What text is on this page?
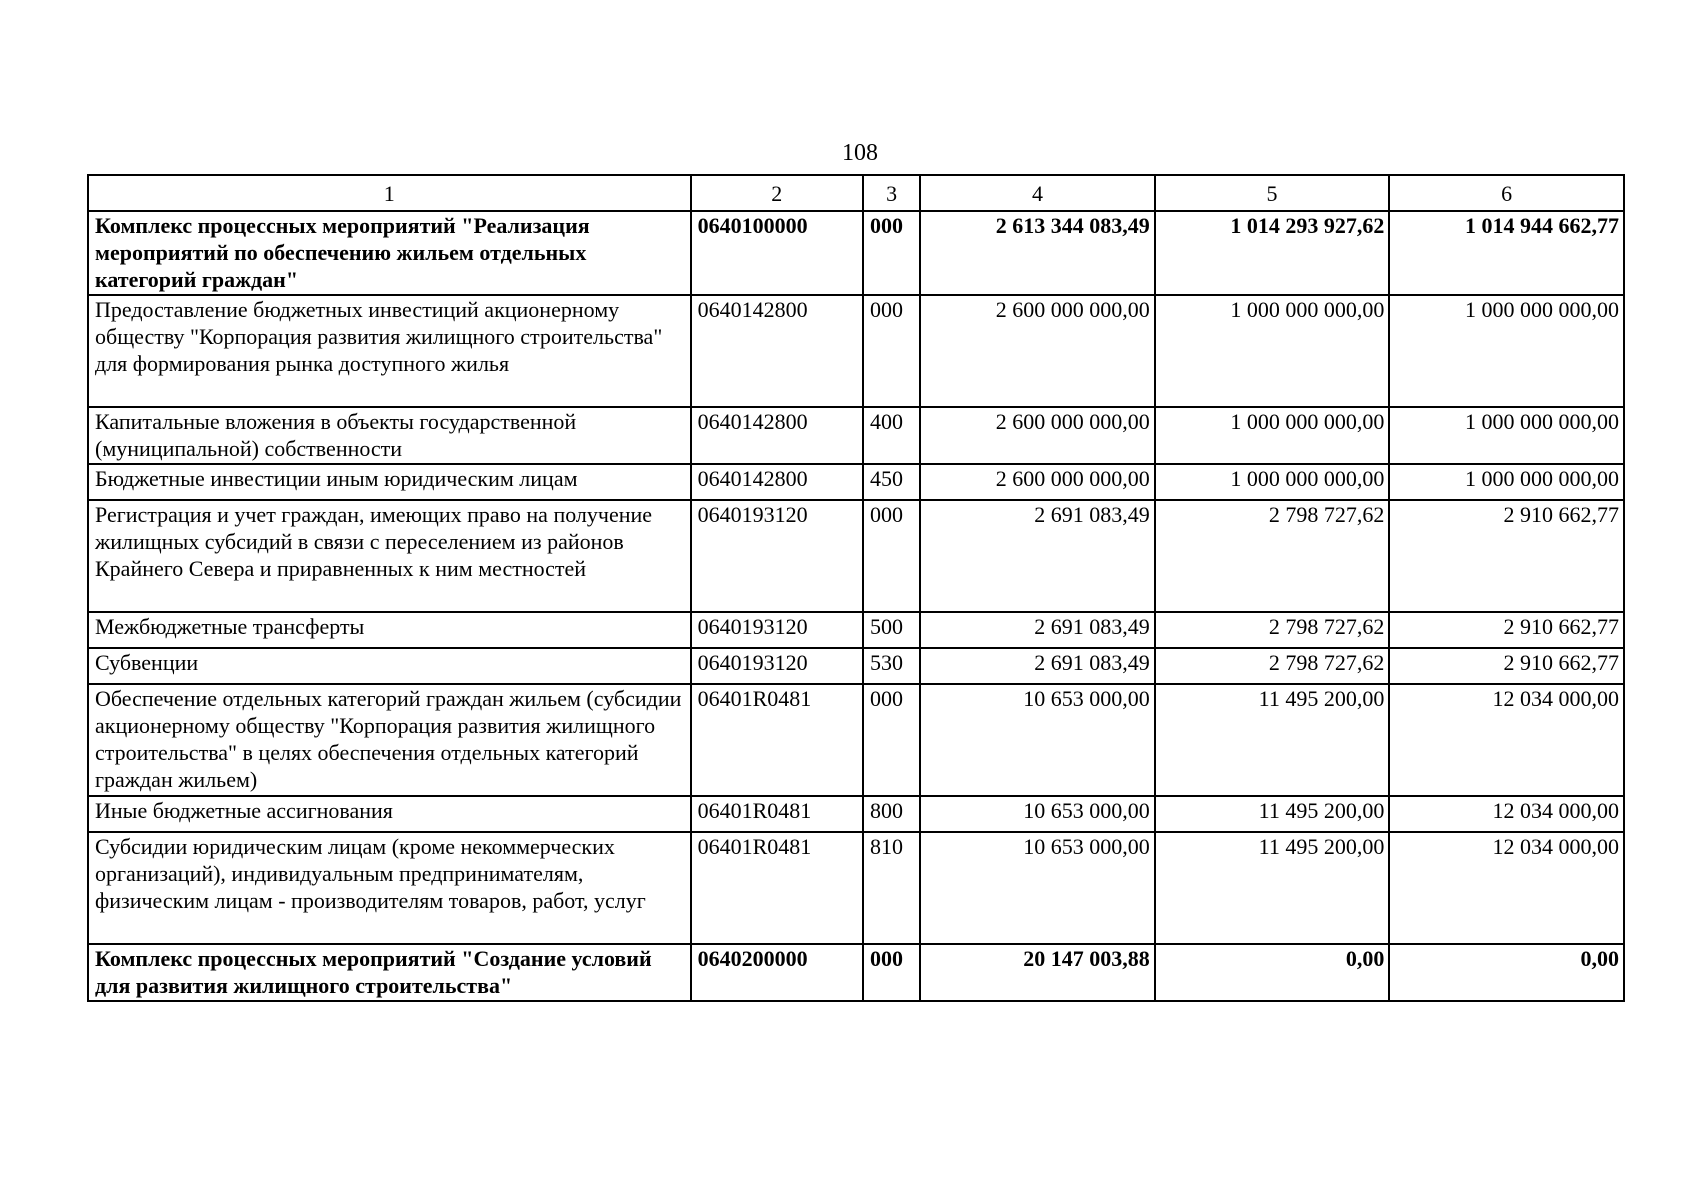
108
1	2	3	4	5	6
Комплекс процессных мероприятий "Реализация мероприятий по обеспечению жильем отдельных категорий граждан"	0640100000	000	2 613 344 083,49	1 014 293 927,62	1 014 944 662,77
Предоставление бюджетных инвестиций акционерному обществу "Корпорация развития жилищного строительства" для формирования рынка доступного жилья	0640142800	000	2 600 000 000,00	1 000 000 000,00	1 000 000 000,00
Капитальные вложения в объекты государственной (муниципальной) собственности	0640142800	400	2 600 000 000,00	1 000 000 000,00	1 000 000 000,00
Бюджетные инвестиции иным юридическим лицам	0640142800	450	2 600 000 000,00	1 000 000 000,00	1 000 000 000,00
Регистрация и учет граждан, имеющих право на получение жилищных субсидий в связи с переселением из районов Крайнего Севера и приравненных к ним местностей	0640193120	000	2 691 083,49	2 798 727,62	2 910 662,77
Межбюджетные трансферты	0640193120	500	2 691 083,49	2 798 727,62	2 910 662,77
Субвенции	0640193120	530	2 691 083,49	2 798 727,62	2 910 662,77
Обеспечение отдельных категорий граждан жильем (субсидии акционерному обществу "Корпорация развития жилищного строительства" в целях обеспечения отдельных категорий граждан жильем)	06401R0481	000	10 653 000,00	11 495 200,00	12 034 000,00
Иные бюджетные ассигнования	06401R0481	800	10 653 000,00	11 495 200,00	12 034 000,00
Субсидии юридическим лицам (кроме некоммерческих организаций), индивидуальным предпринимателям, физическим лицам - производителям товаров, работ, услуг	06401R0481	810	10 653 000,00	11 495 200,00	12 034 000,00
Комплекс процессных мероприятий "Создание условий для развития жилищного строительства"	0640200000	000	20 147 003,88	0,00	0,00
